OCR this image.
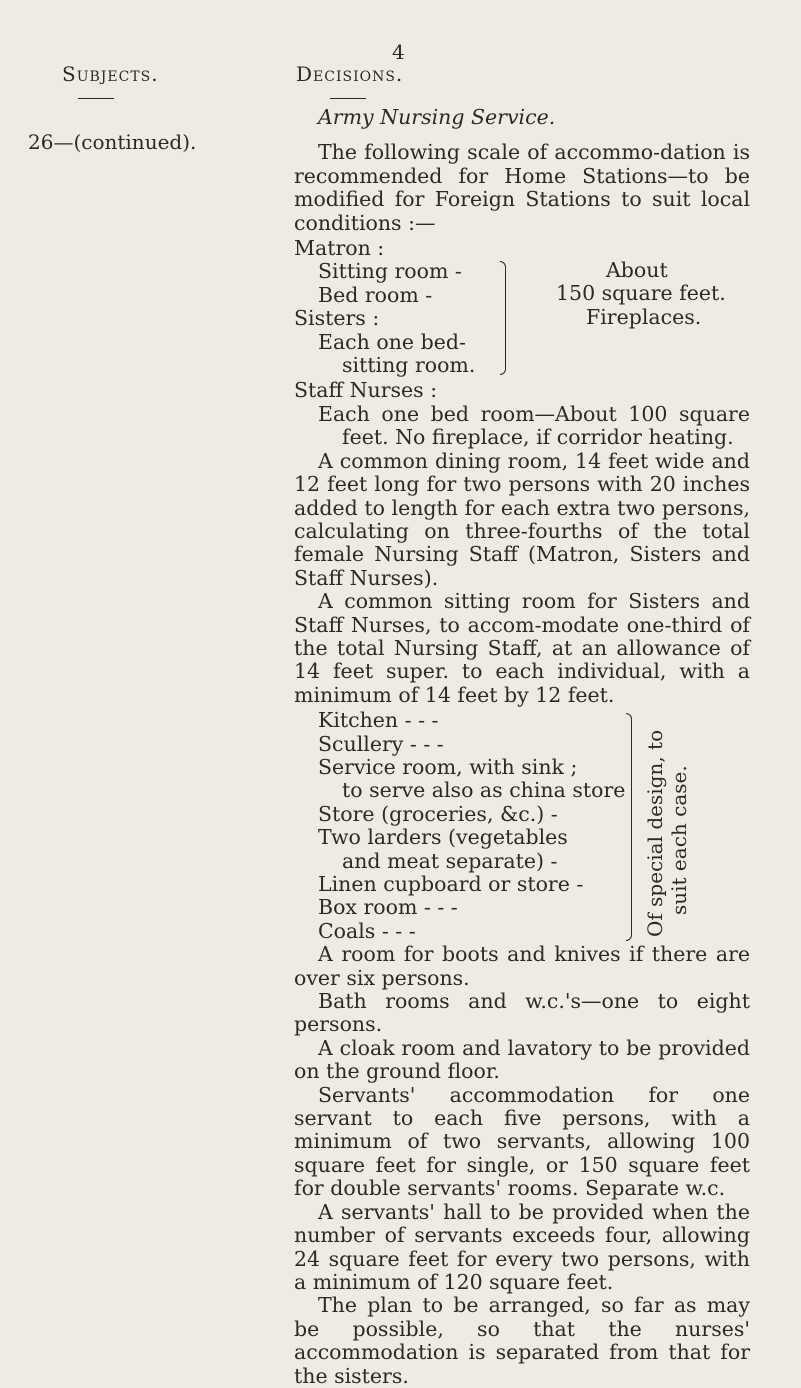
4
Subjects.	Decisions.
26—(continued).

Army Nursing Service.

The following scale of accommo-dation is recommended for Home Stations—to be modified for Foreign Stations to suit local conditions :—

Matron :

Sitting room -

Bed room -

Sisters :

Each one bed-

sitting room.

About
150 square feet.
Fireplaces.

Staff Nurses :

Each one bed room—About 100 square feet. No fireplace, if corridor heating.

A common dining room, 14 feet wide and 12 feet long for two persons with 20 inches added to length for each extra two persons, calculating on three-fourths of the total female Nursing Staff (Matron, Sisters and Staff Nurses).

A common sitting room for Sisters and Staff Nurses, to accom-modate one-third of the total Nursing Staff, at an allowance of 14 feet super. to each individual, with a minimum of 14 feet by 12 feet.

Kitchen - - -

Scullery - - -

Service room, with sink ;

to serve also as china store

Store (groceries, &c.) -

Two larders (vegetables

and meat separate) -

Linen cupboard or store -

Box room - - -

Coals - - -	Of special design, to suit each case.

A room for boots and knives if there are over six persons.

Bath rooms and w.c.'s—one to eight persons.

A cloak room and lavatory to be provided on the ground floor.

Servants' accommodation for one servant to each five persons, with a minimum of two servants, allowing 100 square feet for single, or 150 square feet for double servants' rooms. Separate w.c.

A servants' hall to be provided when the number of servants exceeds four, allowing 24 square feet for every two persons, with a minimum of 120 square feet.

The plan to be arranged, so far as may be possible, so that the nurses' accommodation is separated from that for the sisters.
